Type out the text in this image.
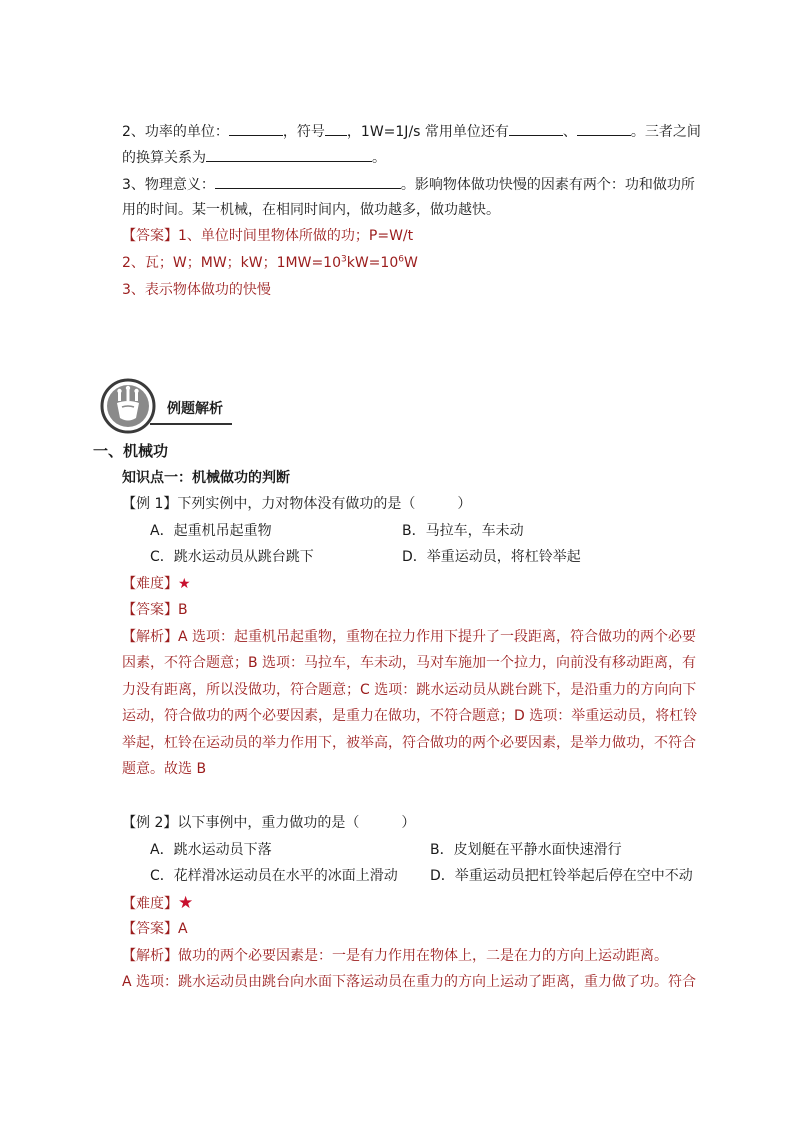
2、功率的单位：	，符号 ，1W=1J/s 常用单位还有	、	。三者之间
的换算关系为	。
3、物理意义：	。影响物体做功快慢的因素有两个：功和做功所
用的时间。某一机械，在相同时间内，做功越多，做功越快。
【答案】1、单位时间里物体所做的功；P=W/t
2、瓦；W；MW；kW；$1MW=10^3kW=10^6W$
3、表示物体做功的快慢
例题解析
一、机械功
知识点一：机械做功的判断
【例 1】下列实例中，力对物体没有做功的是（　　　）
A．起重机吊起重物	B．马拉车，车未动
C．跳水运动员从跳台跳下	D．举重运动员，将杠铃举起
【难度】★
【答案】B
【解析】A 选项：起重机吊起重物，重物在拉力作用下提升了一段距离，符合做功的两个必要
因素，不符合题意；B 选项：马拉车，车未动，马对车施加一个拉力，向前没有移动距离，有
力没有距离，所以没做功，符合题意；C 选项：跳水运动员从跳台跳下，是沿重力的方向向下
运动，符合做功的两个必要因素，是重力在做功，不符合题意；D 选项：举重运动员，将杠铃
举起，杠铃在运动员的举力作用下，被举高，符合做功的两个必要因素，是举力做功，不符合
题意。故选 B
【例 2】以下事例中，重力做功的是（　　　）
A．跳水运动员下落	B．皮划艇在平静水面快速滑行
C．花样滑冰运动员在水平的冰面上滑动 D．举重运动员把杠铃举起后停在空中不动
【难度】★
【答案】A
【解析】做功的两个必要因素是：一是有力作用在物体上，二是在力的方向上运动距离。
A 选项：跳水运动员由跳台向水面下落运动员在重力的方向上运动了距离，重力做了功。符合
